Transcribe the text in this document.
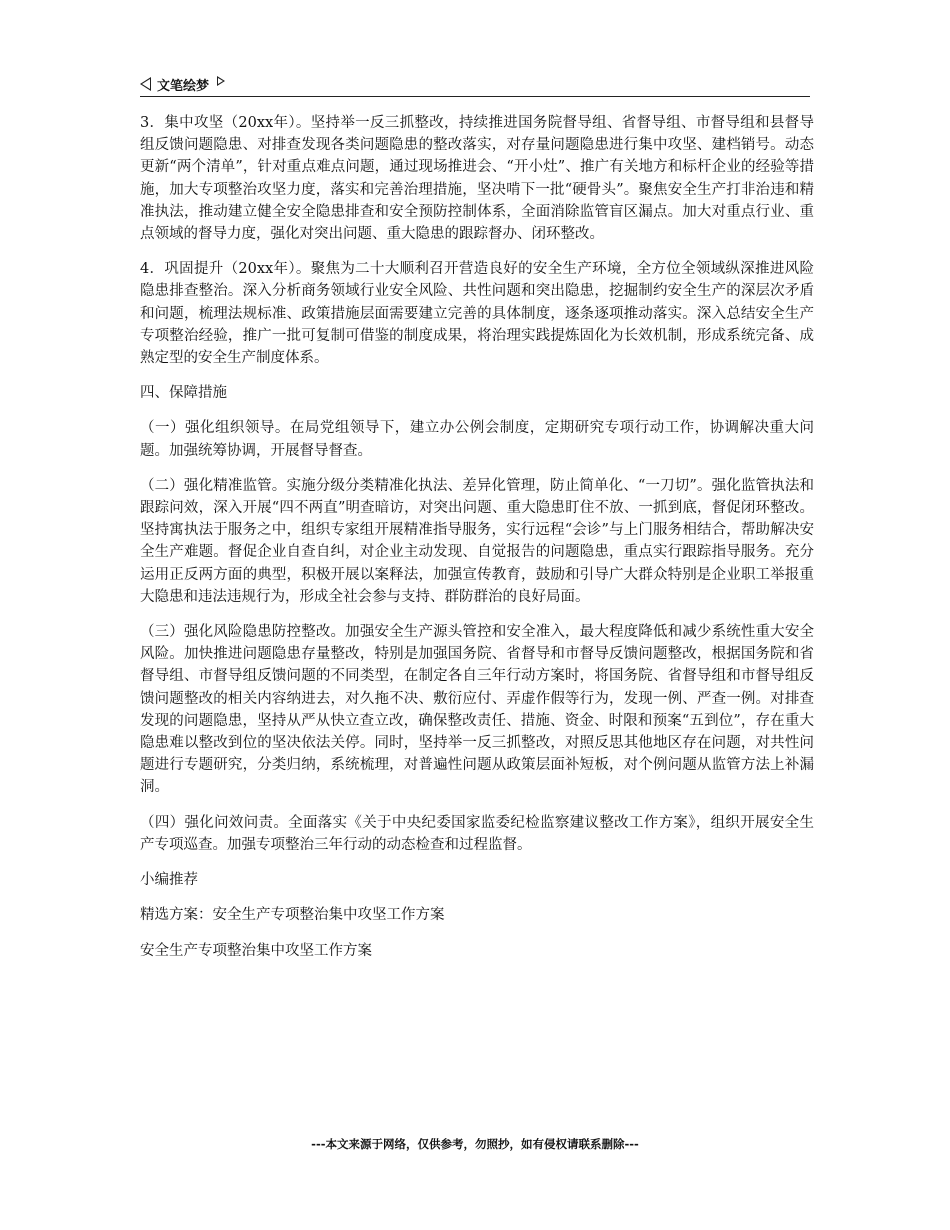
文笔绘梦

3．集中攻坚（20xx年）。坚持举一反三抓整改，持续推进国务院督导组、省督导组、市督导组和县督导组反馈问题隐患、对排查发现各类问题隐患的整改落实，对存量问题隐患进行集中攻坚、建档销号。动态更新“两个清单”，针对重点难点问题，通过现场推进会、“开小灶”、推广有关地方和标杆企业的经验等措施，加大专项整治攻坚力度，落实和完善治理措施，坚决啃下一批“硬骨头”。聚焦安全生产打非治违和精准执法，推动建立健全安全隐患排查和安全预防控制体系，全面消除监管盲区漏点。加大对重点行业、重点领域的督导力度，强化对突出问题、重大隐患的跟踪督办、闭环整改。

4．巩固提升（20xx年）。聚焦为二十大顺利召开营造良好的安全生产环境，全方位全领域纵深推进风险隐患排查整治。深入分析商务领域行业安全风险、共性问题和突出隐患，挖掘制约安全生产的深层次矛盾和问题，梳理法规标准、政策措施层面需要建立完善的具体制度，逐条逐项推动落实。深入总结安全生产专项整治经验，推广一批可复制可借鉴的制度成果，将治理实践提炼固化为长效机制，形成系统完备、成熟定型的安全生产制度体系。

四、保障措施

（一）强化组织领导。在局党组领导下，建立办公例会制度，定期研究专项行动工作，协调解决重大问题。加强统筹协调，开展督导督查。

（二）强化精准监管。实施分级分类精准化执法、差异化管理，防止简单化、“一刀切”。强化监管执法和跟踪问效，深入开展“四不两直”明查暗访，对突出问题、重大隐患盯住不放、一抓到底，督促闭环整改。坚持寓执法于服务之中，组织专家组开展精准指导服务，实行远程“会诊”与上门服务相结合，帮助解决安全生产难题。督促企业自查自纠，对企业主动发现、自觉报告的问题隐患，重点实行跟踪指导服务。充分运用正反两方面的典型，积极开展以案释法，加强宣传教育，鼓励和引导广大群众特别是企业职工举报重大隐患和违法违规行为，形成全社会参与支持、群防群治的良好局面。

（三）强化风险隐患防控整改。加强安全生产源头管控和安全准入，最大程度降低和减少系统性重大安全风险。加快推进问题隐患存量整改，特别是加强国务院、省督导和市督导反馈问题整改，根据国务院和省督导组、市督导组反馈问题的不同类型，在制定各自三年行动方案时，将国务院、省督导组和市督导组反馈问题整改的相关内容纳进去，对久拖不决、敷衍应付、弄虚作假等行为，发现一例、严查一例。对排查发现的问题隐患，坚持从严从快立查立改，确保整改责任、措施、资金、时限和预案“五到位”，存在重大隐患难以整改到位的坚决依法关停。同时，坚持举一反三抓整改，对照反思其他地区存在问题，对共性问题进行专题研究，分类归纳，系统梳理，对普遍性问题从政策层面补短板，对个例问题从监管方法上补漏洞。

（四）强化问效问责。全面落实《关于中央纪委国家监委纪检监察建议整改工作方案》，组织开展安全生产专项巡查。加强专项整治三年行动的动态检查和过程监督。

小编推荐

精选方案：安全生产专项整治集中攻坚工作方案

安全生产专项整治集中攻坚工作方案

---本文来源于网络，仅供参考，勿照抄，如有侵权请联系删除---
